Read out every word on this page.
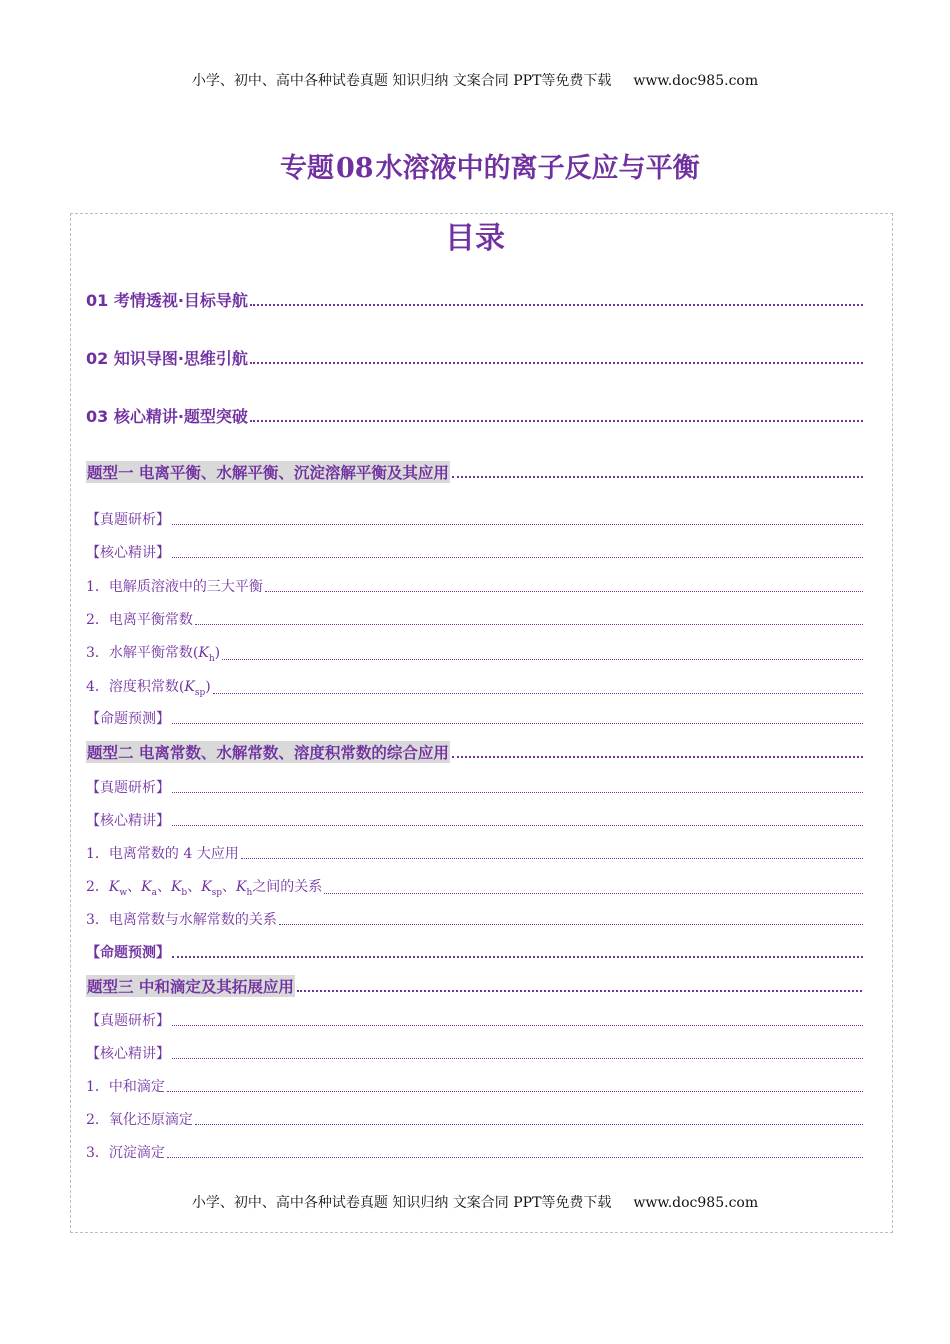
小学、初中、高中各种试卷真题 知识归纳 文案合同 PPT等免费下载 www.doc985.com
专题08水溶液中的离子反应与平衡
目录
01 考情透视·目标导航
02 知识导图·思维引航
03 核心精讲·题型突破
题型一 电离平衡、水解平衡、沉淀溶解平衡及其应用
【真题研析】
【核心精讲】
1．电解质溶液中的三大平衡
2．电离平衡常数
3．水解平衡常数$(K_h)$
4．溶度积常数$(K_{sp})$
【命题预测】
题型二 电离常数、水解常数、溶度积常数的综合应用
【真题研析】
【核心精讲】
1．电离常数的 4 大应用
2．$K_w$、$K_a$、$K_b$、$K_{sp}$、$K_h$之间的关系
3．电离常数与水解常数的关系
【命题预测】
题型三 中和滴定及其拓展应用
【真题研析】
【核心精讲】
1．中和滴定
2．氧化还原滴定
3．沉淀滴定
小学、初中、高中各种试卷真题 知识归纳 文案合同 PPT等免费下载 www.doc985.com
